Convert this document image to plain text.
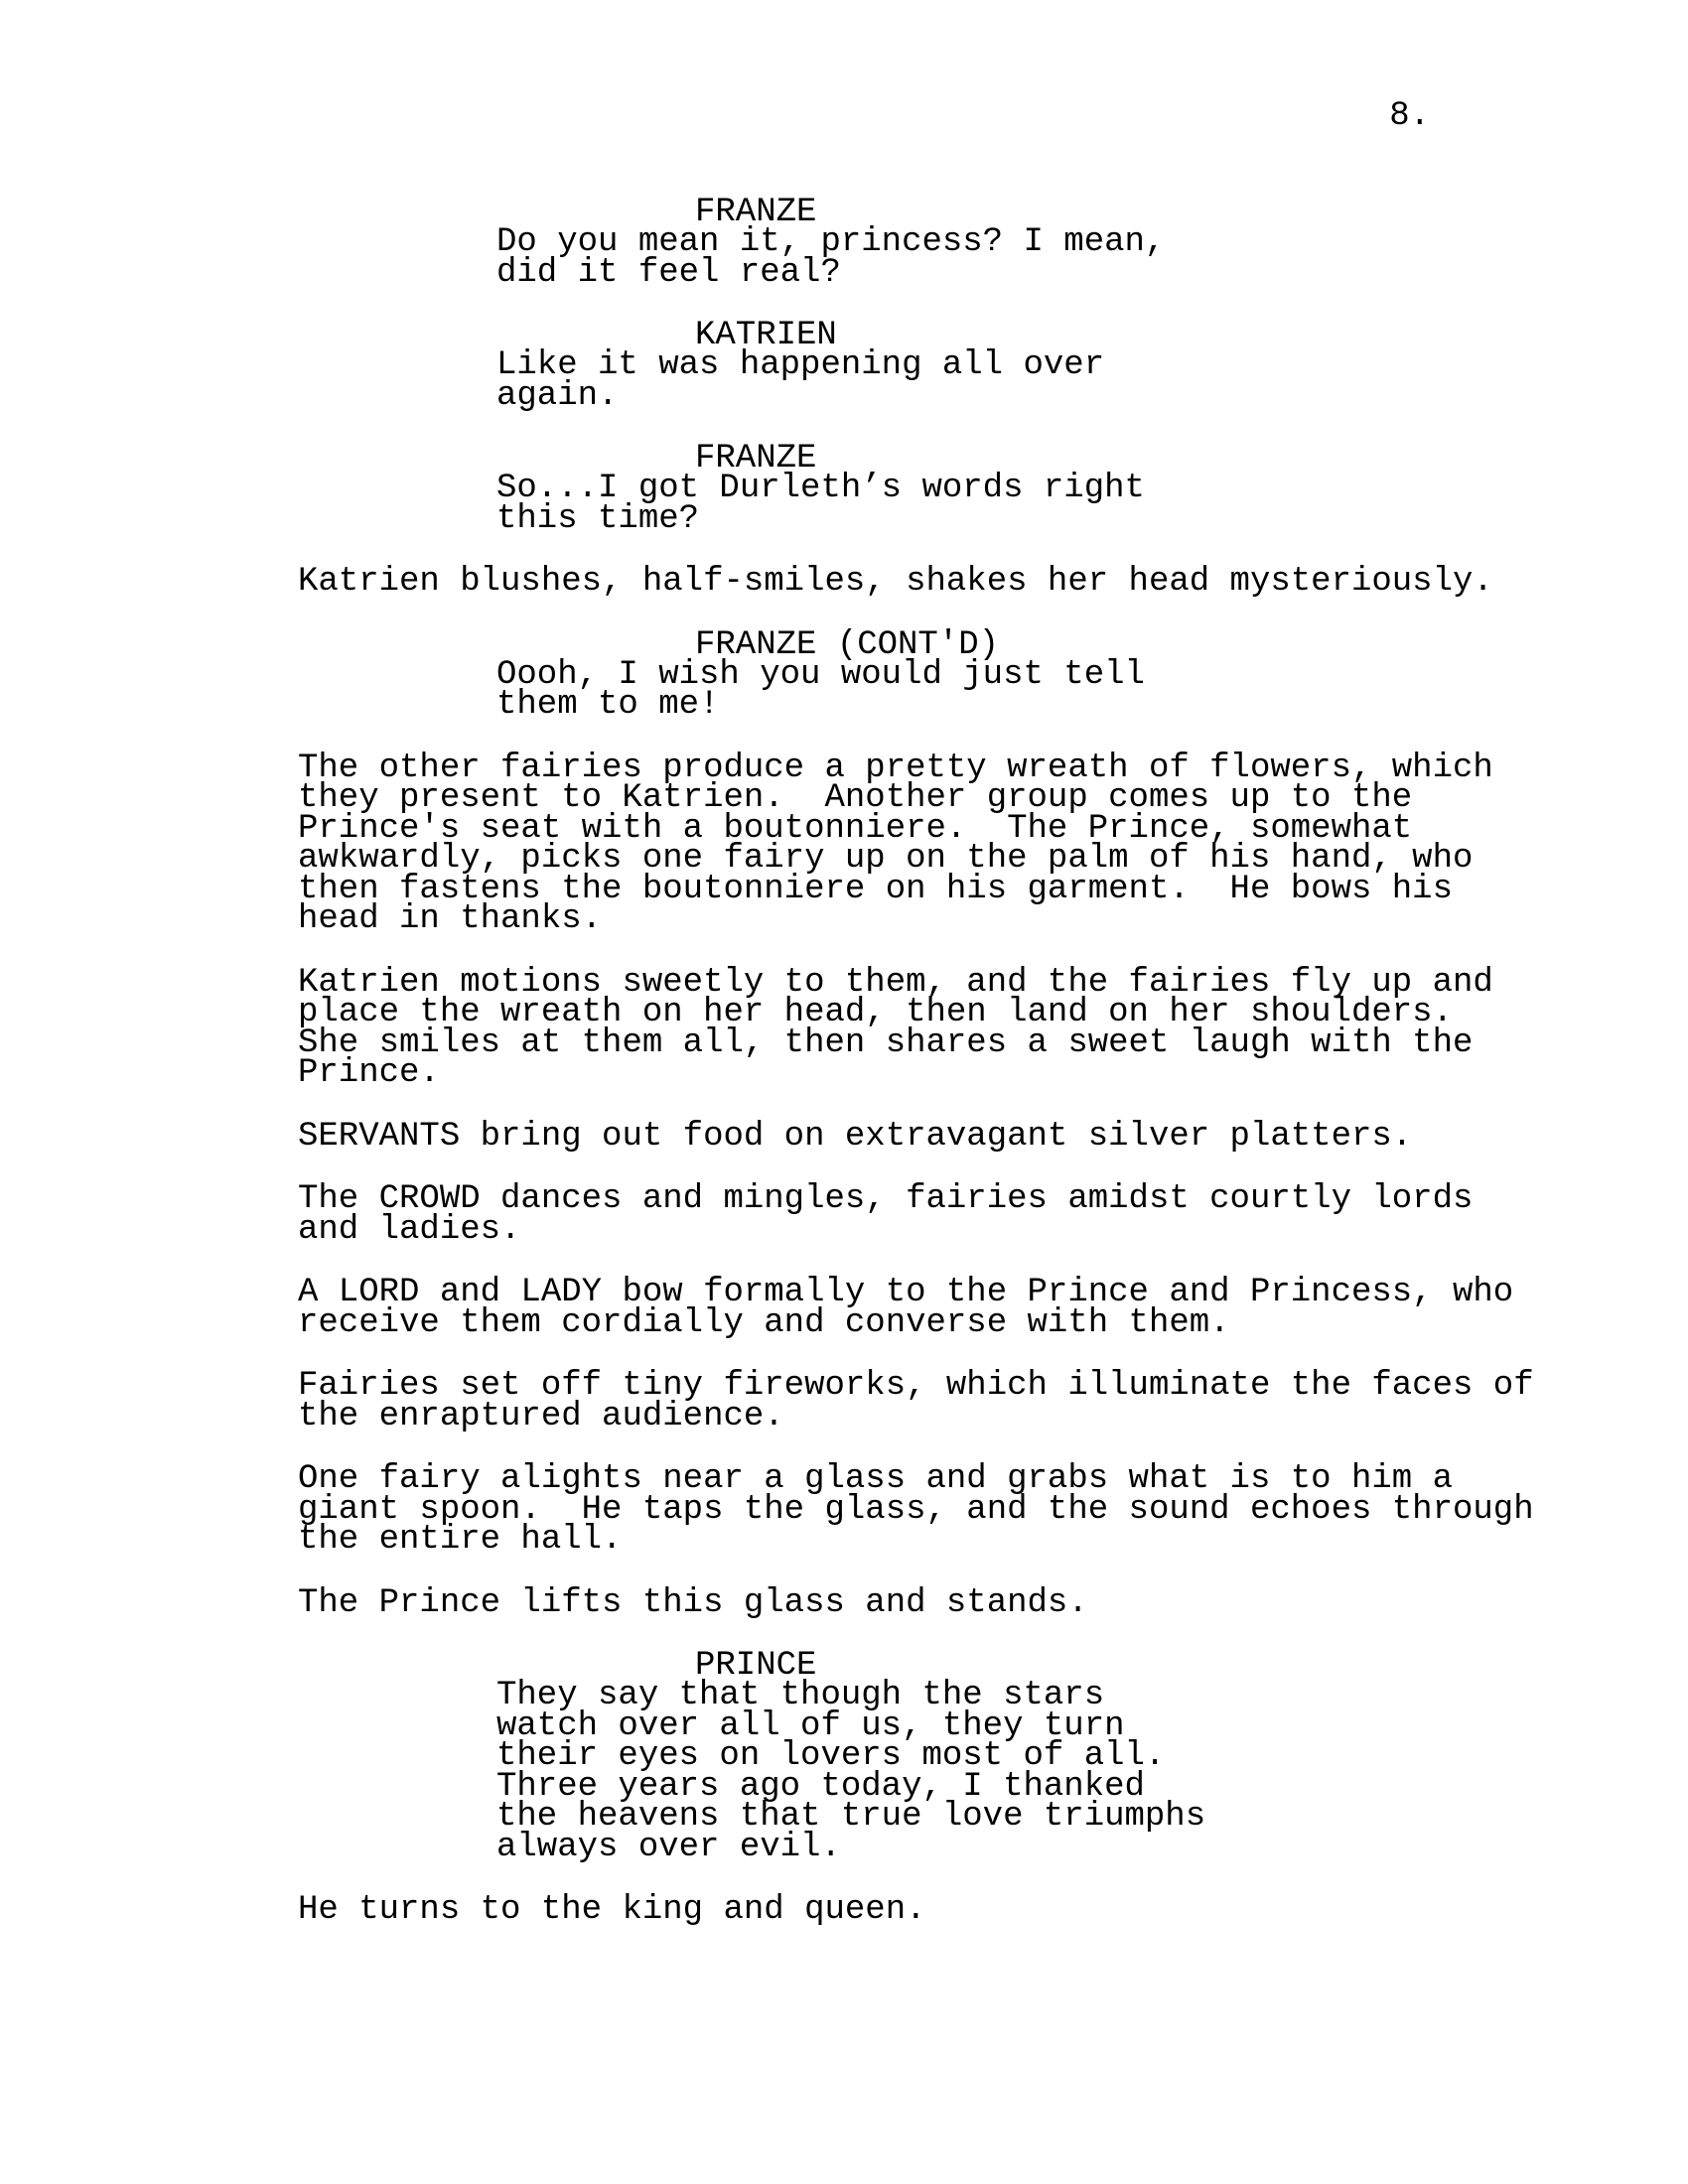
8.
FRANZE
Do you mean it, princess? I mean,
did it feel real?
KATRIEN
Like it was happening all over
again.
FRANZE
So...I got Durleth’s words right
this time?
Katrien blushes, half-smiles, shakes her head mysteriously.
FRANZE (CONT'D)
Oooh, I wish you would just tell
them to me!
The other fairies produce a pretty wreath of flowers, which
they present to Katrien.  Another group comes up to the
Prince's seat with a boutonniere.  The Prince, somewhat
awkwardly, picks one fairy up on the palm of his hand, who
then fastens the boutonniere on his garment.  He bows his
head in thanks.
Katrien motions sweetly to them, and the fairies fly up and
place the wreath on her head, then land on her shoulders.
She smiles at them all, then shares a sweet laugh with the
Prince.
SERVANTS bring out food on extravagant silver platters.
The CROWD dances and mingles, fairies amidst courtly lords
and ladies.
A LORD and LADY bow formally to the Prince and Princess, who
receive them cordially and converse with them.
Fairies set off tiny fireworks, which illuminate the faces of
the enraptured audience.
One fairy alights near a glass and grabs what is to him a
giant spoon.  He taps the glass, and the sound echoes through
the entire hall.
The Prince lifts this glass and stands.
PRINCE
They say that though the stars
watch over all of us, they turn
their eyes on lovers most of all.
Three years ago today, I thanked
the heavens that true love triumphs
always over evil.
He turns to the king and queen.
